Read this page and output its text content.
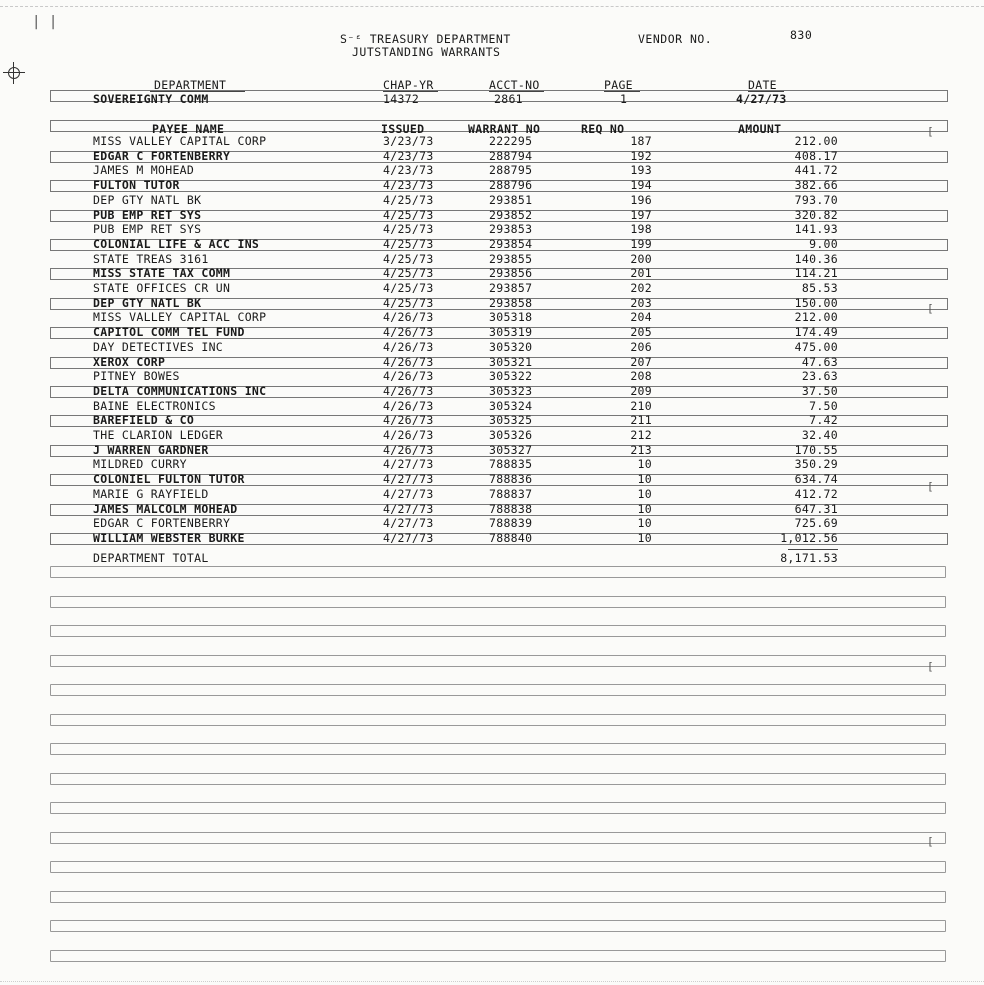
| |
S⁻ᵋ TREASURY DEPARTMENT
JUTSTANDING WARRANTS
VENDOR NO.	830
DEPARTMENT	CHAP-YR	ACCT-NO	PAGE	DATE
SOVEREIGNTY COMM	14372	2861	1	4/27/73
PAYEE NAME	ISSUED	WARRANT NO	REQ NO	AMOUNT
MISS VALLEY CAPITAL CORP	3/23/73	222295	187	212.00
EDGAR C FORTENBERRY	4/23/73	288794	192	408.17
JAMES M MOHEAD	4/23/73	288795	193	441.72
FULTON TUTOR	4/23/73	288796	194	382.66
DEP GTY NATL BK	4/25/73	293851	196	793.70
PUB EMP RET SYS	4/25/73	293852	197	320.82
PUB EMP RET SYS	4/25/73	293853	198	141.93
COLONIAL LIFE & ACC INS	4/25/73	293854	199	9.00
STATE TREAS 3161	4/25/73	293855	200	140.36
MISS STATE TAX COMM	4/25/73	293856	201	114.21
STATE OFFICES CR UN	4/25/73	293857	202	85.53
DEP GTY NATL BK	4/25/73	293858	203	150.00
MISS VALLEY CAPITAL CORP	4/26/73	305318	204	212.00
CAPITOL COMM TEL FUND	4/26/73	305319	205	174.49
DAY DETECTIVES INC	4/26/73	305320	206	475.00
XEROX CORP	4/26/73	305321	207	47.63
PITNEY BOWES	4/26/73	305322	208	23.63
DELTA COMMUNICATIONS INC	4/26/73	305323	209	37.50
BAINE ELECTRONICS	4/26/73	305324	210	7.50
BAREFIELD & CO	4/26/73	305325	211	7.42
THE CLARION LEDGER	4/26/73	305326	212	32.40
J WARREN GARDNER	4/26/73	305327	213	170.55
MILDRED CURRY	4/27/73	788835	10	350.29
COLONIEL FULTON TUTOR	4/27/73	788836	10	634.74
MARIE G RAYFIELD	4/27/73	788837	10	412.72
JAMES MALCOLM MOHEAD	4/27/73	788838	10	647.31
EDGAR C FORTENBERRY	4/27/73	788839	10	725.69
WILLIAM WEBSTER BURKE	4/27/73	788840	10	1,012.56
DEPARTMENT TOTAL	8,171.53
[
[
[
[
[
